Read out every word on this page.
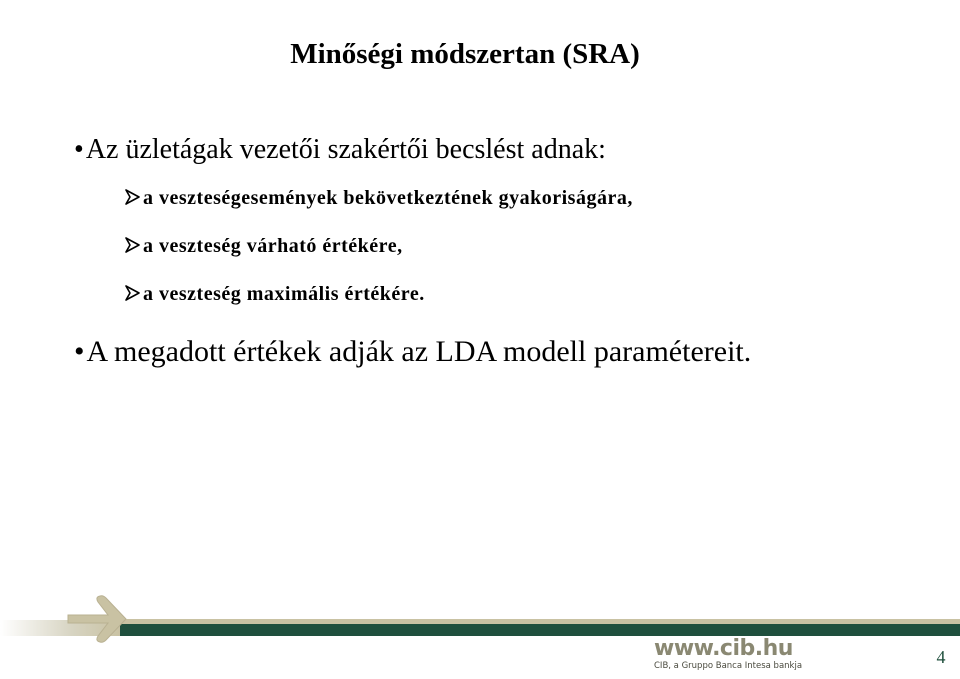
Minőségi módszertan (SRA)
•Az üzletágak vezetői szakértői becslést adnak:
a veszteségesemények bekövetkeztének gyakoriságára,
a veszteség várható értékére,
a veszteség maximális értékére.
•A megadott értékek adják az LDA modell paramétereit.
www.cib.hu
CIB, a Gruppo Banca Intesa bankja	4
